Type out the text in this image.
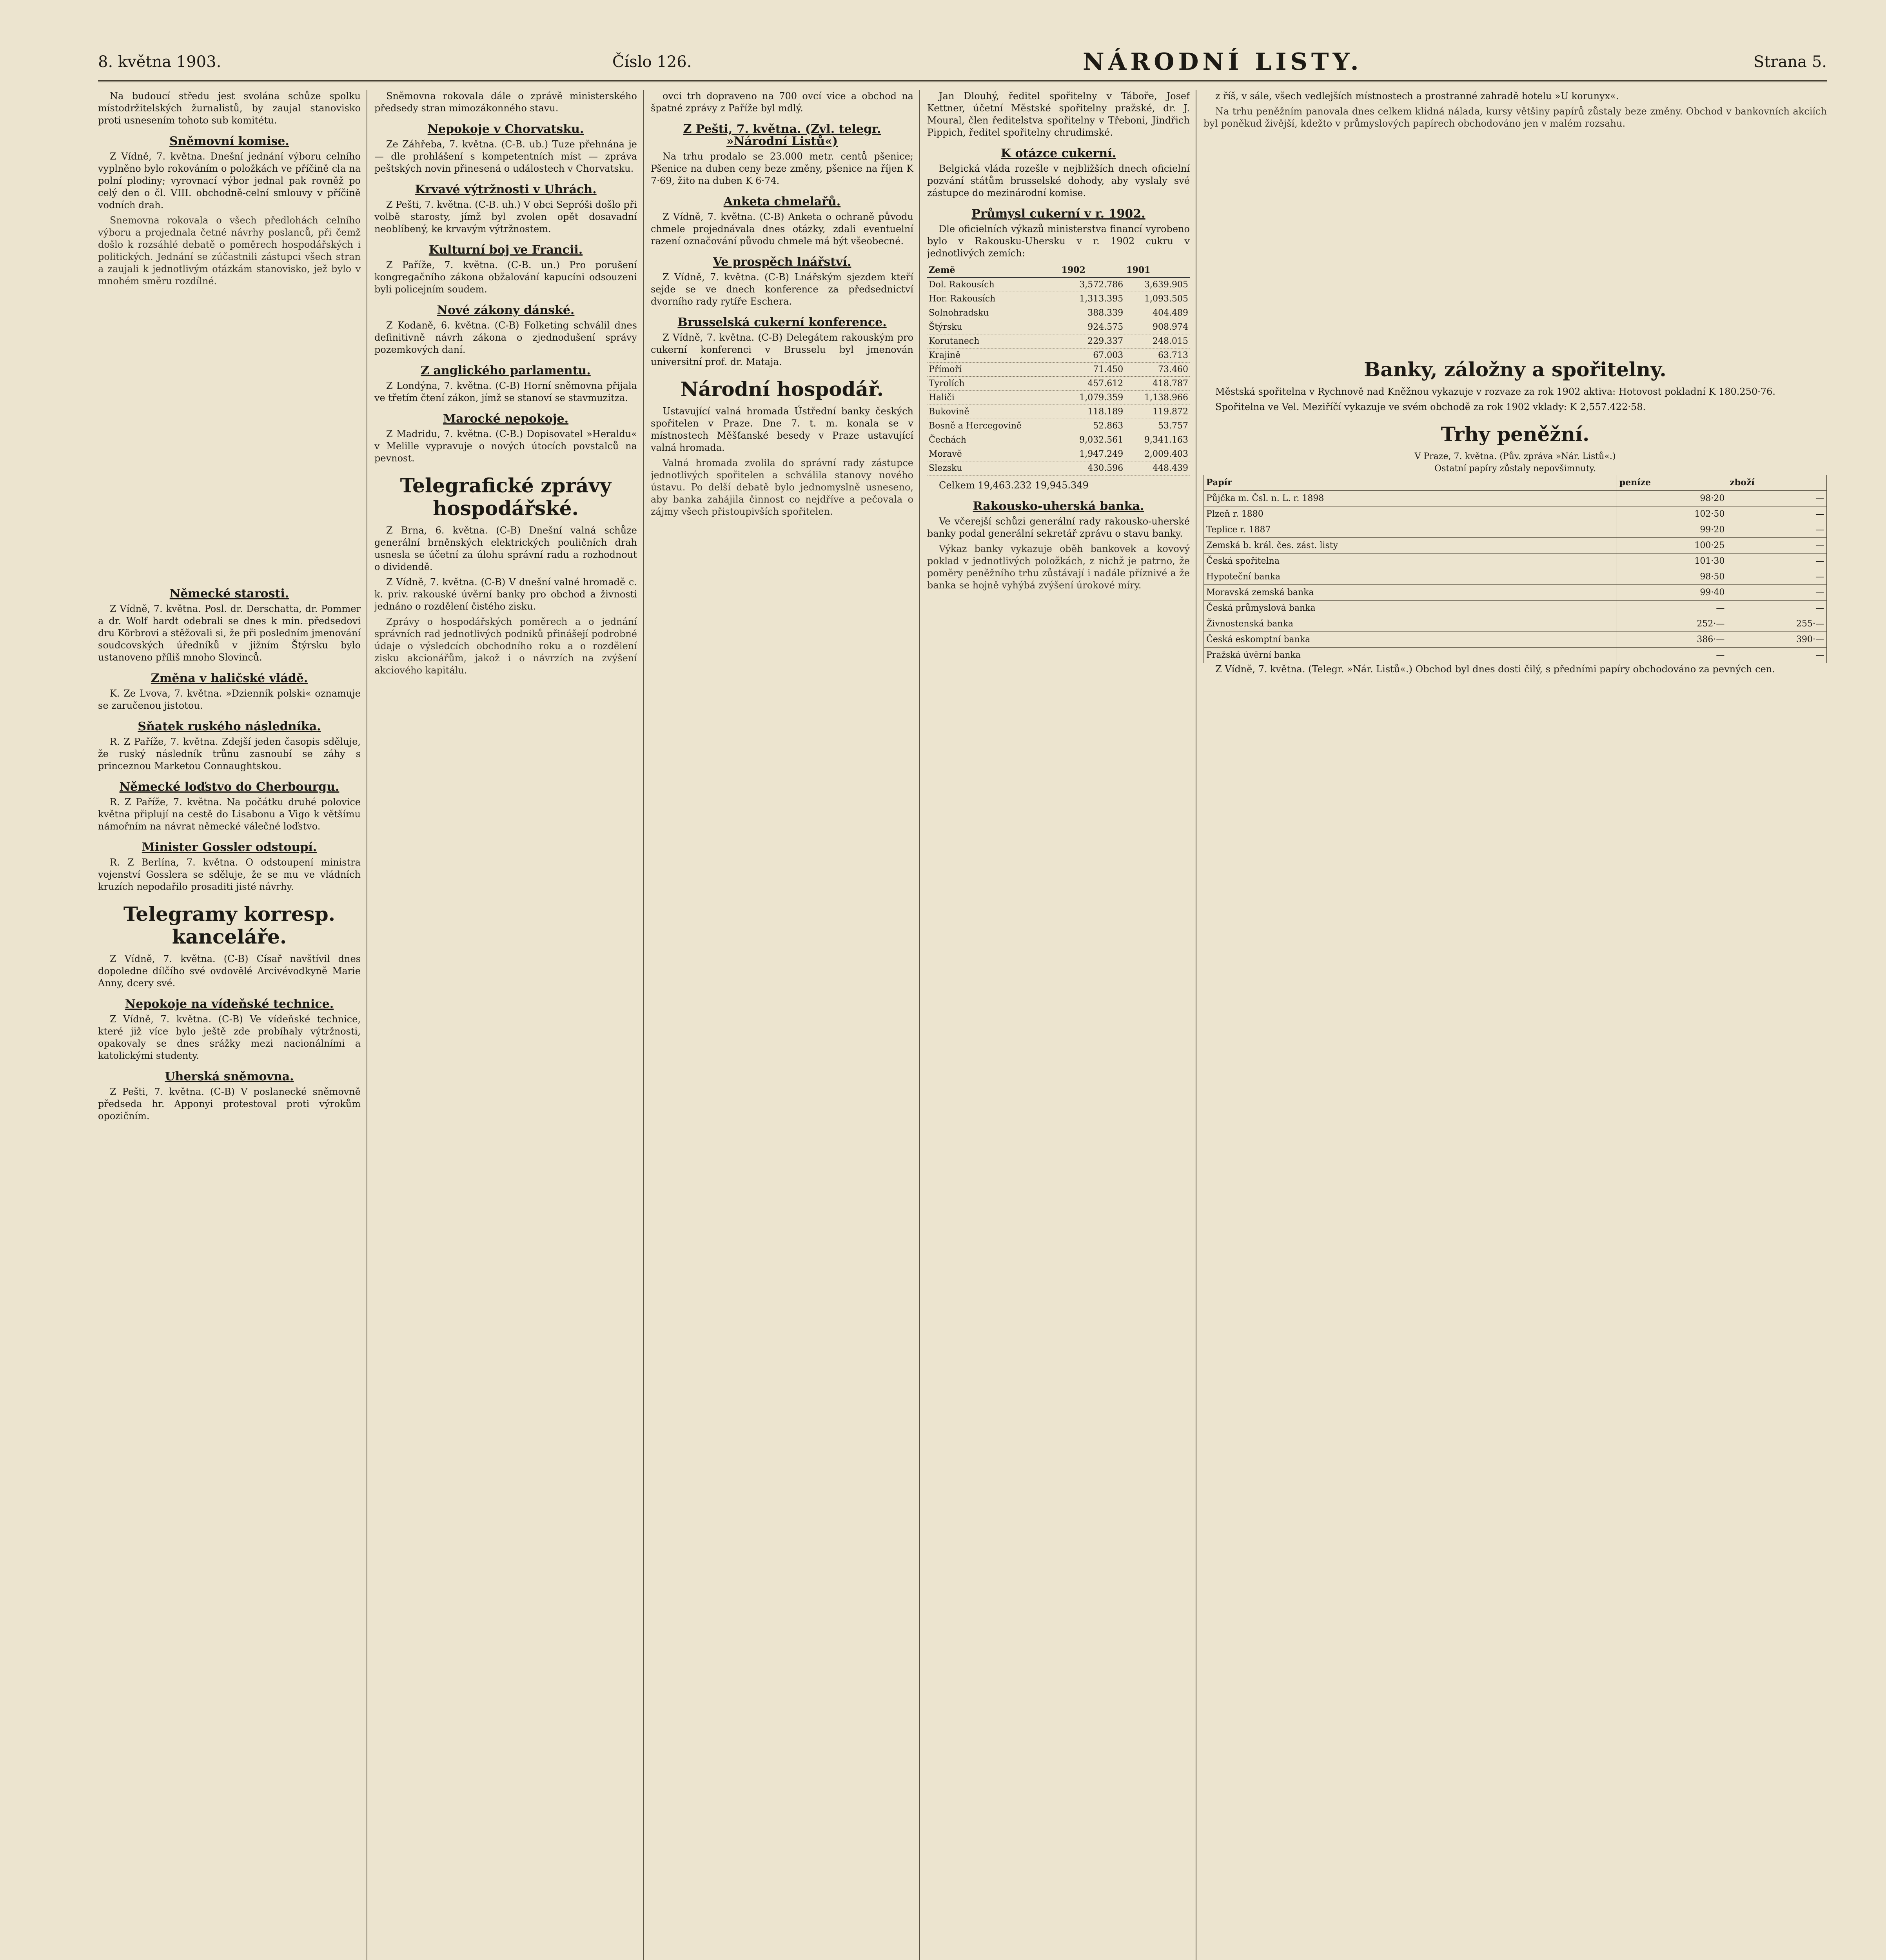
8. května 1903.	Číslo 126.	NÁRODNÍ LISTY.	Strana 5.

Na budoucí středu jest svolána schůze spolku místodržitelských žurnalistů, by zaujal stanovisko proti usnesením tohoto sub komitétu.

Sněmovní komise.

Z Vídně, 7. května. Dnešní jednání výboru celního vyplněno bylo rokováním o položkách ve příčině cla na polní plodiny; vyrovnací výbor jednal pak rovněž po celý den o čl. VIII. obchodně-celní smlouvy v příčině vodních drah.

Snemovna rokovala o všech předlohách celního výboru a projednala četné návrhy poslanců, při čemž došlo k rozsáhlé debatě o poměrech hospodářských i politických. Jednání se zúčastnili zástupci všech stran a zaujali k jednotlivým otázkám stanovisko, jež bylo v mnohém směru rozdílné.
Německé starosti.

Z Vídně, 7. května. Posl. dr. Derschatta, dr. Pommer a dr. Wolf hardt odebrali se dnes k min. předsedovi dru Körbrovi a stěžovali si, že při posledním jmenování soudcovských úředníků v jižním Štýrsku bylo ustanoveno příliš mnoho Slovinců.

Změna v haličské vládě.

K. Ze Lvova, 7. května. »Dzienník polski« oznamuje se zaručenou jistotou.

Sňatek ruského následníka.

R. Z Paříže, 7. května. Zdejší jeden časopis sděluje, že ruský následník trůnu zasnoubí se záhy s princeznou Marketou Connaughtskou.

Německé loďstvo do Cherbourgu.

R. Z Paříže, 7. května. Na počátku druhé polovice května připlují na cestě do Lisabonu a Vigo k většímu námořním na návrat německé válečné loďstvo.

Minister Gossler odstoupí.

R. Z Berlína, 7. května. O odstoupení ministra vojenství Gosslera se sděluje, že se mu ve vládních kruzích nepodařilo prosaditi jisté návrhy.

Telegramy korresp. kanceláře.

Z Vídně, 7. května. (C-B) Císař navštívil dnes dopoledne dílčího své ovdovělé Arcivévodkyně Marie Anny, dcery své.

Nepokoje na vídeňské technice.

Z Vídně, 7. května. (C-B) Ve vídeňské technice, které již více bylo ještě zde probíhaly výtržnosti, opakovaly se dnes srážky mezi nacionálními a katolickými studenty.

Uherská sněmovna.

Z Pešti, 7. května. (C-B) V poslanecké sněmovně předseda hr. Apponyi protestoval proti výrokům opozičním.

Sněmovna rokovala dále o zprávě ministerského předsedy stran mimozákonného stavu.

Nepokoje v Chorvatsku.

Ze Záhřeba, 7. května. (C-B. ub.) Tuze přehnána je — dle prohlášení s kompetentních míst — zpráva peštských novin přinesená o událostech v Chorvatsku.

Krvavé výtržnosti v Uhrách.

Z Pešti, 7. května. (C-B. uh.) V obci Sepróši došlo při volbě starosty, jímž byl zvolen opět dosavadní neoblíbený, ke krvavým výtržnostem.

Kulturní boj ve Francii.

Z Paříže, 7. května. (C-B. un.) Pro porušení kongregačního zákona obžalování kapucíni odsouzeni byli policejním soudem.

Nové zákony dánské.

Z Kodaně, 6. května. (C-B) Folketing schválil dnes definitivně návrh zákona o zjednodušení správy pozemkových daní.

Z anglického parlamentu.

Z Londýna, 7. května. (C-B) Horní sněmovna přijala ve třetím čtení zákon, jímž se stanoví se stavmuzitza.

Marocké nepokoje.

Z Madridu, 7. května. (C-B.) Dopisovatel »Heraldu« v Melille vypravuje o nových útocích povstalců na pevnost.

Telegrafické zprávy hospodářské.

Z Brna, 6. května. (C-B) Dnešní valná schůze generální brněnských elektrických pouličních drah usnesla se účetní za úlohu správní radu a rozhodnout o dividendě.

Z Vídně, 7. května. (C-B) V dnešní valné hromadě c. k. priv. rakouské úvěrní banky pro obchod a živnosti jednáno o rozdělení čistého zisku.

Zprávy o hospodářských poměrech a o jednání správních rad jednotlivých podniků přinášejí podrobné údaje o výsledcích obchodního roku a o rozdělení zisku akcionářům, jakož i o návrzích na zvýšení akciového kapitálu.

ovci trh dopraveno na 700 ovcí vice a obchod na špatné zprávy z Paříže byl mdlý.

Z Pešti, 7. května. (Zvl. telegr. »Národní Listů«)

Na trhu prodalo se 23.000 metr. centů pšenice; Pšenice na duben ceny beze změny, pšenice na říjen K 7·69, žito na duben K 6·74.

Anketa chmelařů.

Z Vídně, 7. května. (C-B) Anketa o ochraně původu chmele projednávala dnes otázky, zdali eventuelní razení označování původu chmele má být všeobecné.

Ve prospěch lnářství.

Z Vídně, 7. května. (C-B) Lnářským sjezdem kteří sejde se ve dnech konference za předsednictví dvorního rady rytíře Eschera.

Brusselská cukerní konference.

Z Vídně, 7. května. (C-B) Delegátem rakouským pro cukerní konferenci v Brusselu byl jmenován universitní prof. dr. Mataja.

Národní hospodář.

Ustavující valná hromada Ústřední banky českých spořitelen v Praze. Dne 7. t. m. konala se v místnostech Měšťanské besedy v Praze ustavující valná hromada.

Valná hromada zvolila do správní rady zástupce jednotlivých spořitelen a schválila stanovy nového ústavu. Po delší debatě bylo jednomyslně usneseno, aby banka zahájila činnost co nejdříve a pečovala o zájmy všech přistoupivších spořitelen.

Jan Dlouhý, ředitel spořitelny v Táboře, Josef Kettner, účetní Městské spořitelny pražské, dr. J. Moural, člen ředitelstva spořitelny v Třeboni, Jindřich Pippich, ředitel spořitelny chrudimské.

K otázce cukerní.

Belgická vláda rozešle v nejbližších dnech oficielní pozvání státům brusselské dohody, aby vyslaly své zástupce do mezinárodní komise.

Průmysl cukerní v r. 1902.

Dle oficielních výkazů ministerstva financí vyrobeno bylo v Rakousku-Uhersku v r. 1902 cukru v jednotlivých zemích:

Země	1902	1901
Dol. Rakousích	3,572.786	3,639.905
Hor. Rakousích	1,313.395	1,093.505
Solnohradsku	388.339	404.489
Štýrsku	924.575	908.974
Korutanech	229.337	248.015
Krajině	67.003	63.713
Přímoří	71.450	73.460
Tyrolích	457.612	418.787
Haliči	1,079.359	1,138.966
Bukovině	118.189	119.872
Bosně a Hercegovině	52.863	53.757
Čechách	9,032.561	9,341.163
Moravě	1,947.249	2,009.403
Slezsku	430.596	448.439

Celkem 19,463.232 19,945.349

Rakousko-uherská banka.

Ve včerejší schůzi generální rady rakousko-uherské banky podal generální sekretář zprávu o stavu banky.

Výkaz banky vykazuje oběh bankovek a kovový poklad v jednotlivých položkách, z nichž je patrno, že poměry peněžního trhu zůstávají i nadále příznivé a že banka se hojně vyhýbá zvýšení úrokové míry.

z říš, v sále, všech vedlejších místnostech a prostranné zahradě hotelu »U korunyx«.

Na trhu peněžním panovala dnes celkem klidná nálada, kursy většiny papírů zůstaly beze změny. Obchod v bankovních akciích byl poněkud živější, kdežto v průmyslových papírech obchodováno jen v malém rozsahu.
Banky, záložny a spořitelny.

Městská spořitelna v Rychnově nad Kněžnou vykazuje v rozvaze za rok 1902 aktiva: Hotovost pokladní K 180.250·76.

Spořitelna ve Vel. Meziříčí vykazuje ve svém obchodě za rok 1902 vklady: K 2,557.422·58.

Trhy peněžní.
V Praze, 7. května. (Pův. zpráva »Nár. Listů«.)
Ostatní papíry zůstaly nepovšimnuty.
Papír	peníze	zboží
Půjčka m. Čsl. n. L. r. 1898	98·20	—
Plzeň r. 1880	102·50	—
Teplice r. 1887	99·20	—
Zemská b. král. čes. zást. listy	100·25	—
Česká spořitelna	101·30	—
Hypoteční banka	98·50	—
Moravská zemská banka	99·40	—
Česká průmyslová banka	—	—
Živnostenská banka	252·—	255·—
Česká eskomptní banka	386·—	390·—
Pražská úvěrní banka	—	—

Z Vídně, 7. května. (Telegr. »Nár. Listů«.) Obchod byl dnes dosti čilý, s předními papíry obchodováno za pevných cen.
